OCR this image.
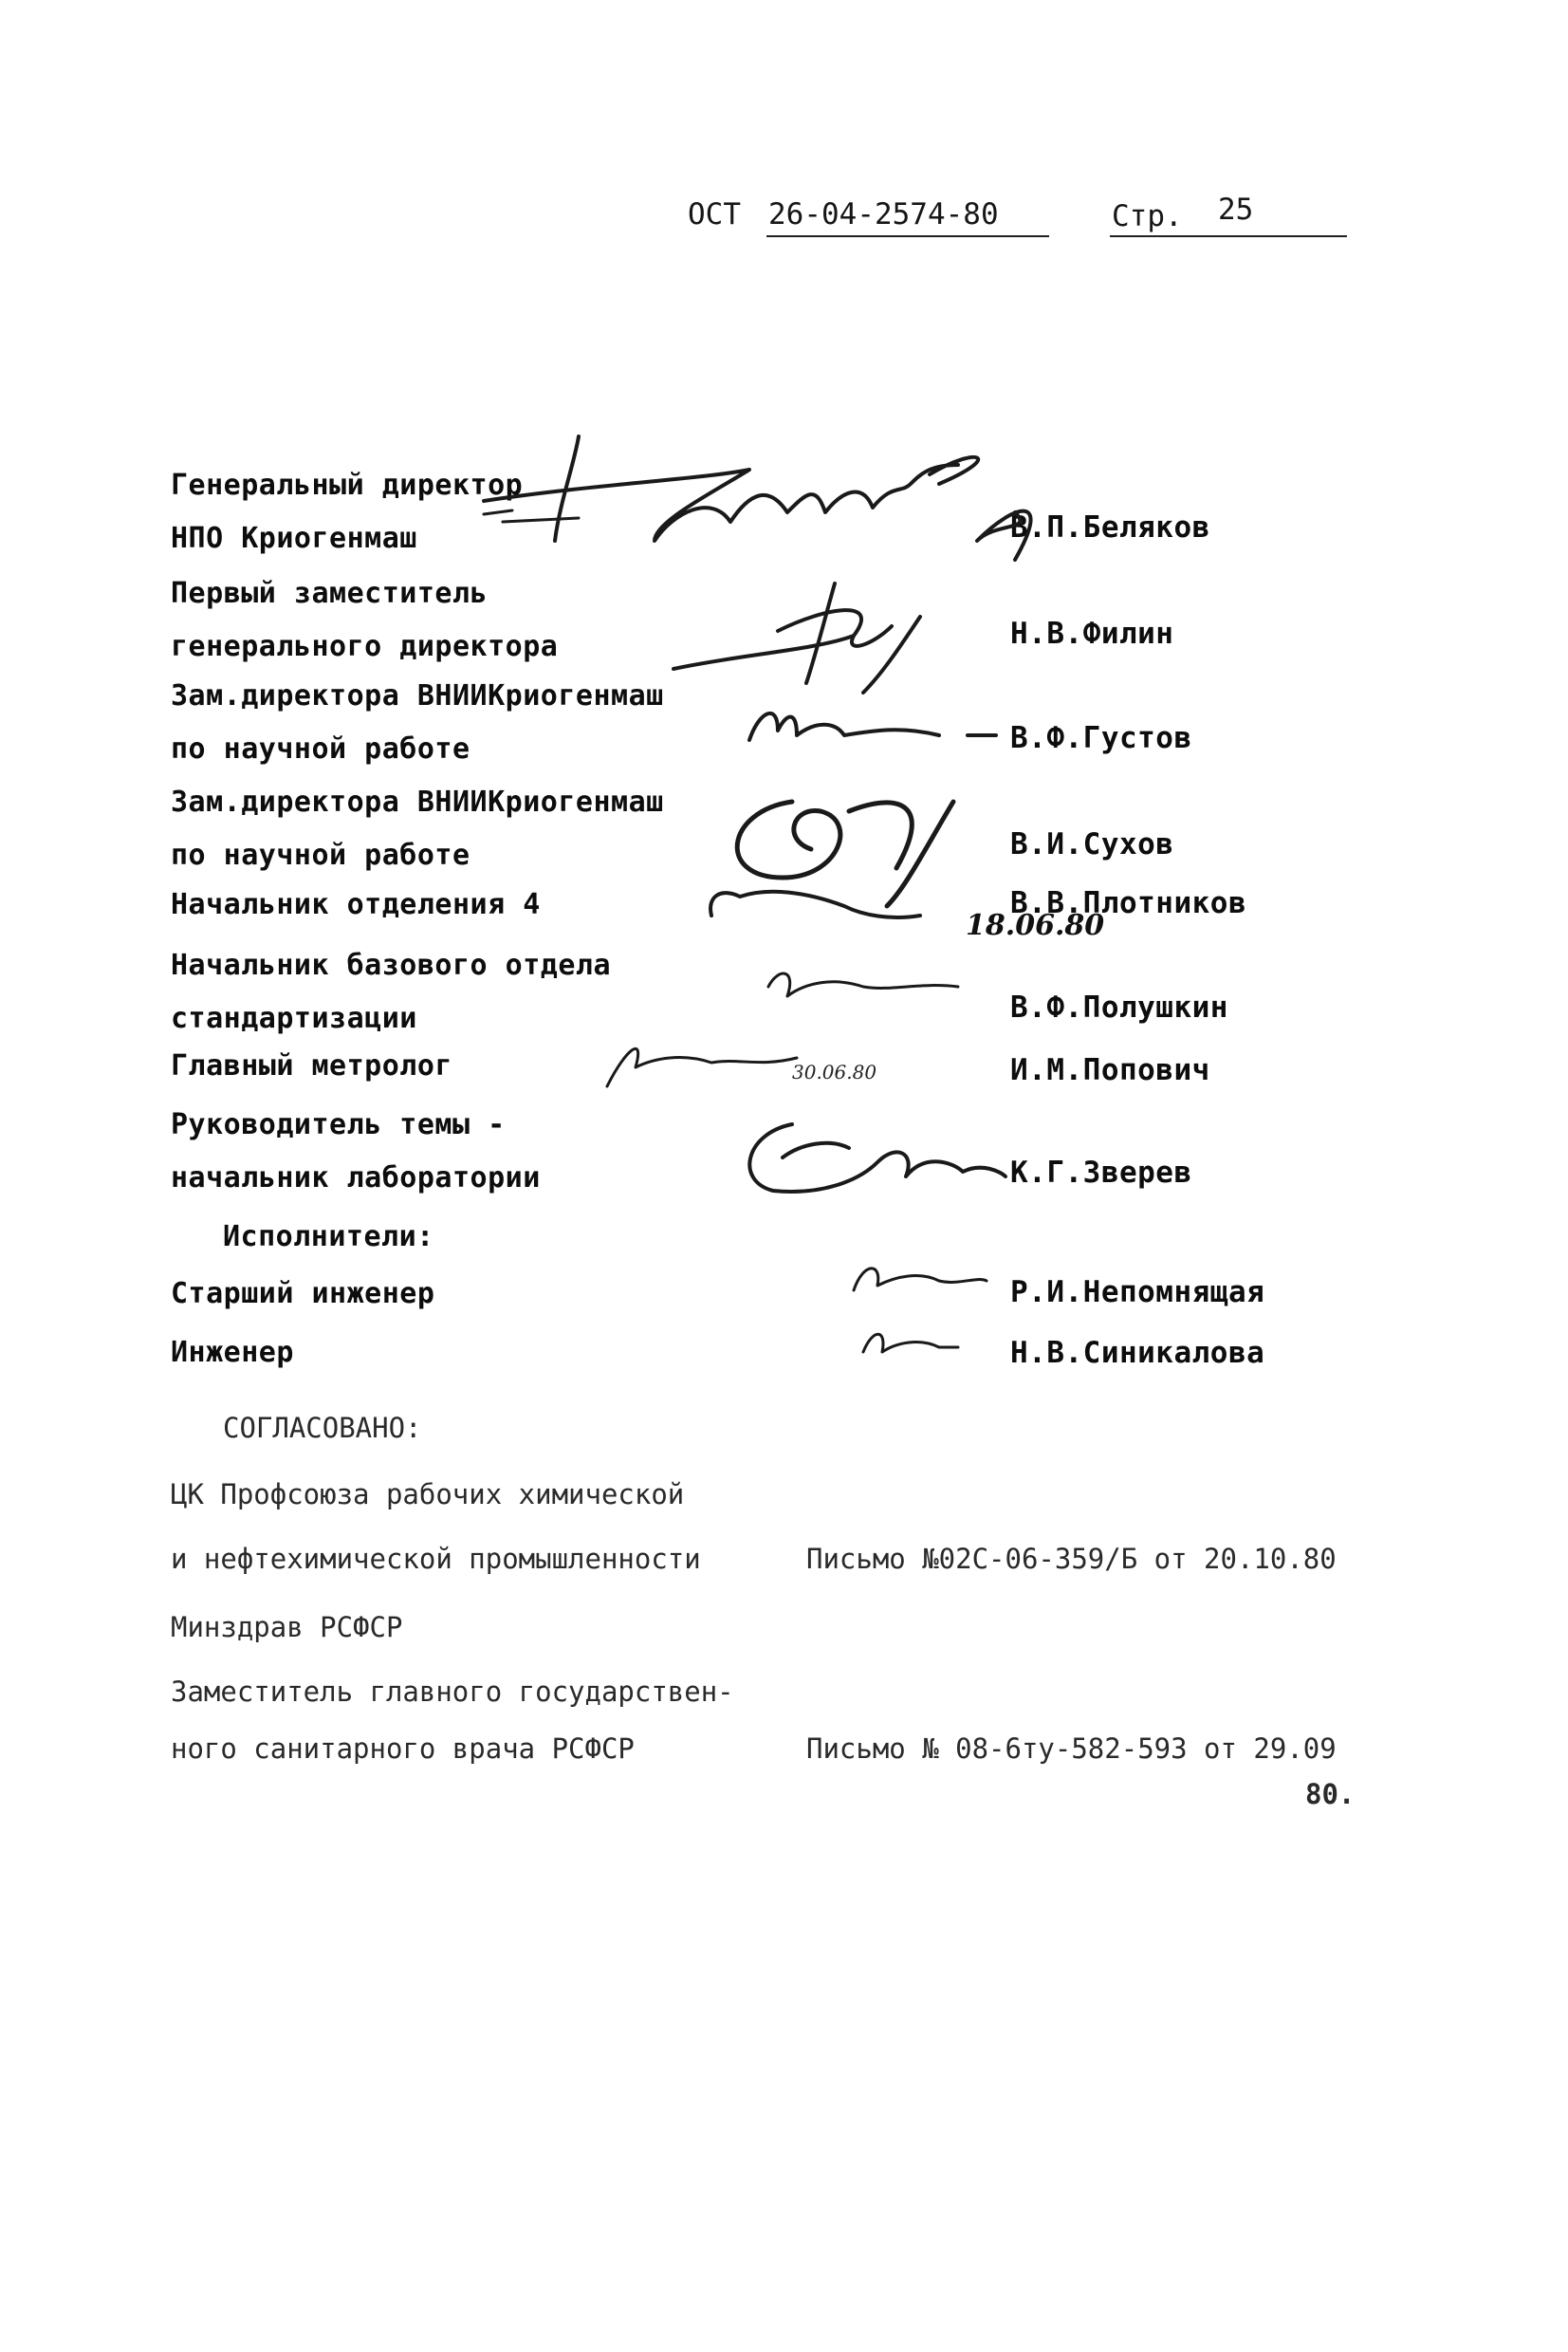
ОСТ 26-04-2574-80	Стр. 25
Генеральный директор
НПО Криогенмаш	В.П.Беляков
Первый заместитель
генерального директора	Н.В.Филин
Зам.директора ВНИИКриогенмаш
по научной работе	В.Ф.Густов
Зам.директора ВНИИКриогенмаш
по научной работе	В.И.Сухов
Начальник отделения 4	В.В.Плотников
Начальник базового отдела
стандартизации	В.Ф.Полушкин
Главный метролог	И.М.Попович
Руководитель темы -
начальник лаборатории	К.Г.Зверев
Исполнители:
Старший инженер	Р.И.Непомнящая
Инженер	Н.В.Синикалова
18.06.80
30.06.80
СОГЛАСОВАНО:
ЦК Профсоюза рабочих химической
и нефтехимической промышленности	Письмо №02С-06-359/Б от 20.10.80
Минздрав РСФСР
Заместитель главного государствен-
ного санитарного врача РСФСР	Письмо № 08-6ту-582-593 от 29.09
80.
